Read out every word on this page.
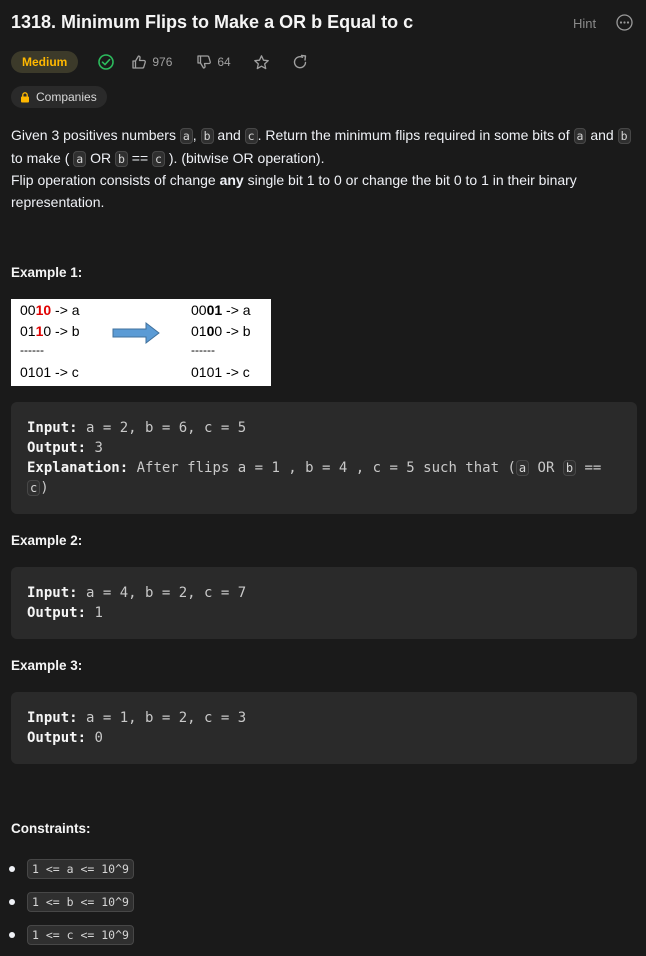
1318. Minimum Flips to Make a OR b Equal to c	Hint
Medium	976	64
Companies

Given 3 positives numbers a , b and c . Return the minimum flips required in some bits of a and b
to make ( a OR b == c ). (bitwise OR operation).

Flip operation consists of change any single bit 1 to 0 or change the bit 0 to 1 in their binary representation.

Example 1:
0010 -> a
0110 -> b
------
0101 -> c
0001 -> a
0100 -> b
------
0101 -> c
Input: a = 2, b = 6, c = 5
Output: 3
Explanation: After flips a = 1 , b = 4 , c = 5 such that ( a OR b ==
c )
Example 2:
Input: a = 4, b = 2, c = 7
Output: 1
Example 3:
Input: a = 1, b = 2, c = 3
Output: 0
Constraints:
1 <= a <= 10^9
1 <= b <= 10^9
1 <= c <= 10^9
